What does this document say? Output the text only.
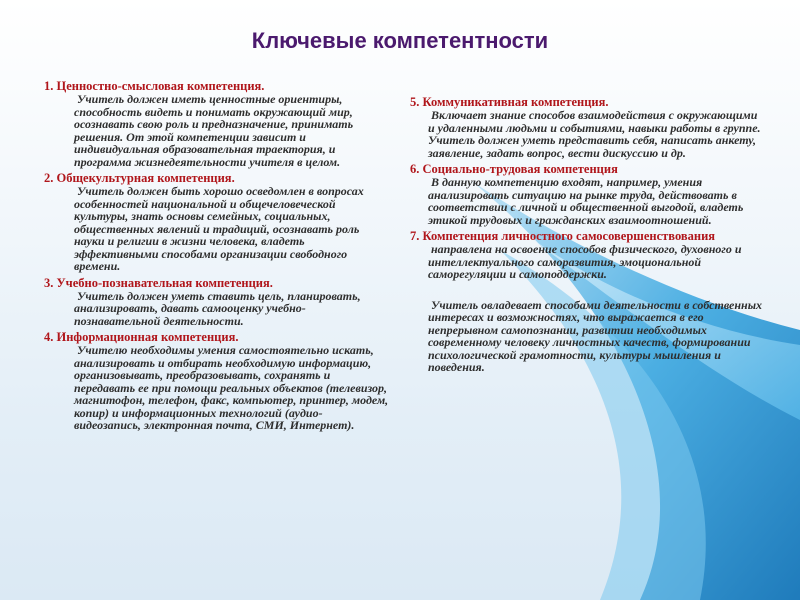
Ключевые компетентности

1. Ценностно-смысловая компетенция.

Учитель должен иметь ценностные ориентиры, способность видеть и понимать окружающий мир, осознавать свою роль и предназначение, принимать решения. От этой компетенции зависит и индивидуальная образовательная траектория, и программа жизнедеятельности учителя в целом.

2. Общекультурная компетенция.

Учитель должен быть хорошо осведомлен в вопросах особенностей национальной и общечеловеческой культуры, знать основы семейных, социальных, общественных явлений и традиций, осознавать роль науки и религии в жизни человека, владеть эффективными способами организации свободного времени.

3. Учебно-познавательная компетенция.

Учитель должен уметь ставить цель, планировать, анализировать, давать самооценку учебно-познавательной деятельности.

4. Информационная компетенция.

Учителю необходимы умения самостоятельно искать, анализировать и отбирать необходимую информацию, организовывать, преобразовывать, сохранять и передавать ее при помощи реальных объектов (телевизор, магнитофон, телефон, факс, компьютер, принтер, модем, копир) и информационных технологий (аудио-видеозапись, электронная почта, СМИ, Интернет).

5. Коммуникативная компетенция.

Включает знание способов взаимодействия с окружающими и удаленными людьми и событиями, навыки работы в группе. Учитель должен уметь представить себя, написать анкету, заявление, задать вопрос, вести дискуссию и др.

6. Социально-трудовая компетенция

В данную компетенцию входят, например, умения анализировать ситуацию на рынке труда, действовать в соответствии с личной и общественной выгодой, владеть этикой трудовых и гражданских взаимоотношений.

7. Компетенция личностного самосовершенствования

направлена на освоение способов физического, духовного и интеллектуального саморазвития, эмоциональной саморегуляции и самоподдержки.

Учитель овладевает способами деятельности в собственных интересах и возможностях, что выражается в его непрерывном самопознании, развитии необходимых современному человеку личностных качеств, формировании психологической грамотности, культуры мышления и поведения.
